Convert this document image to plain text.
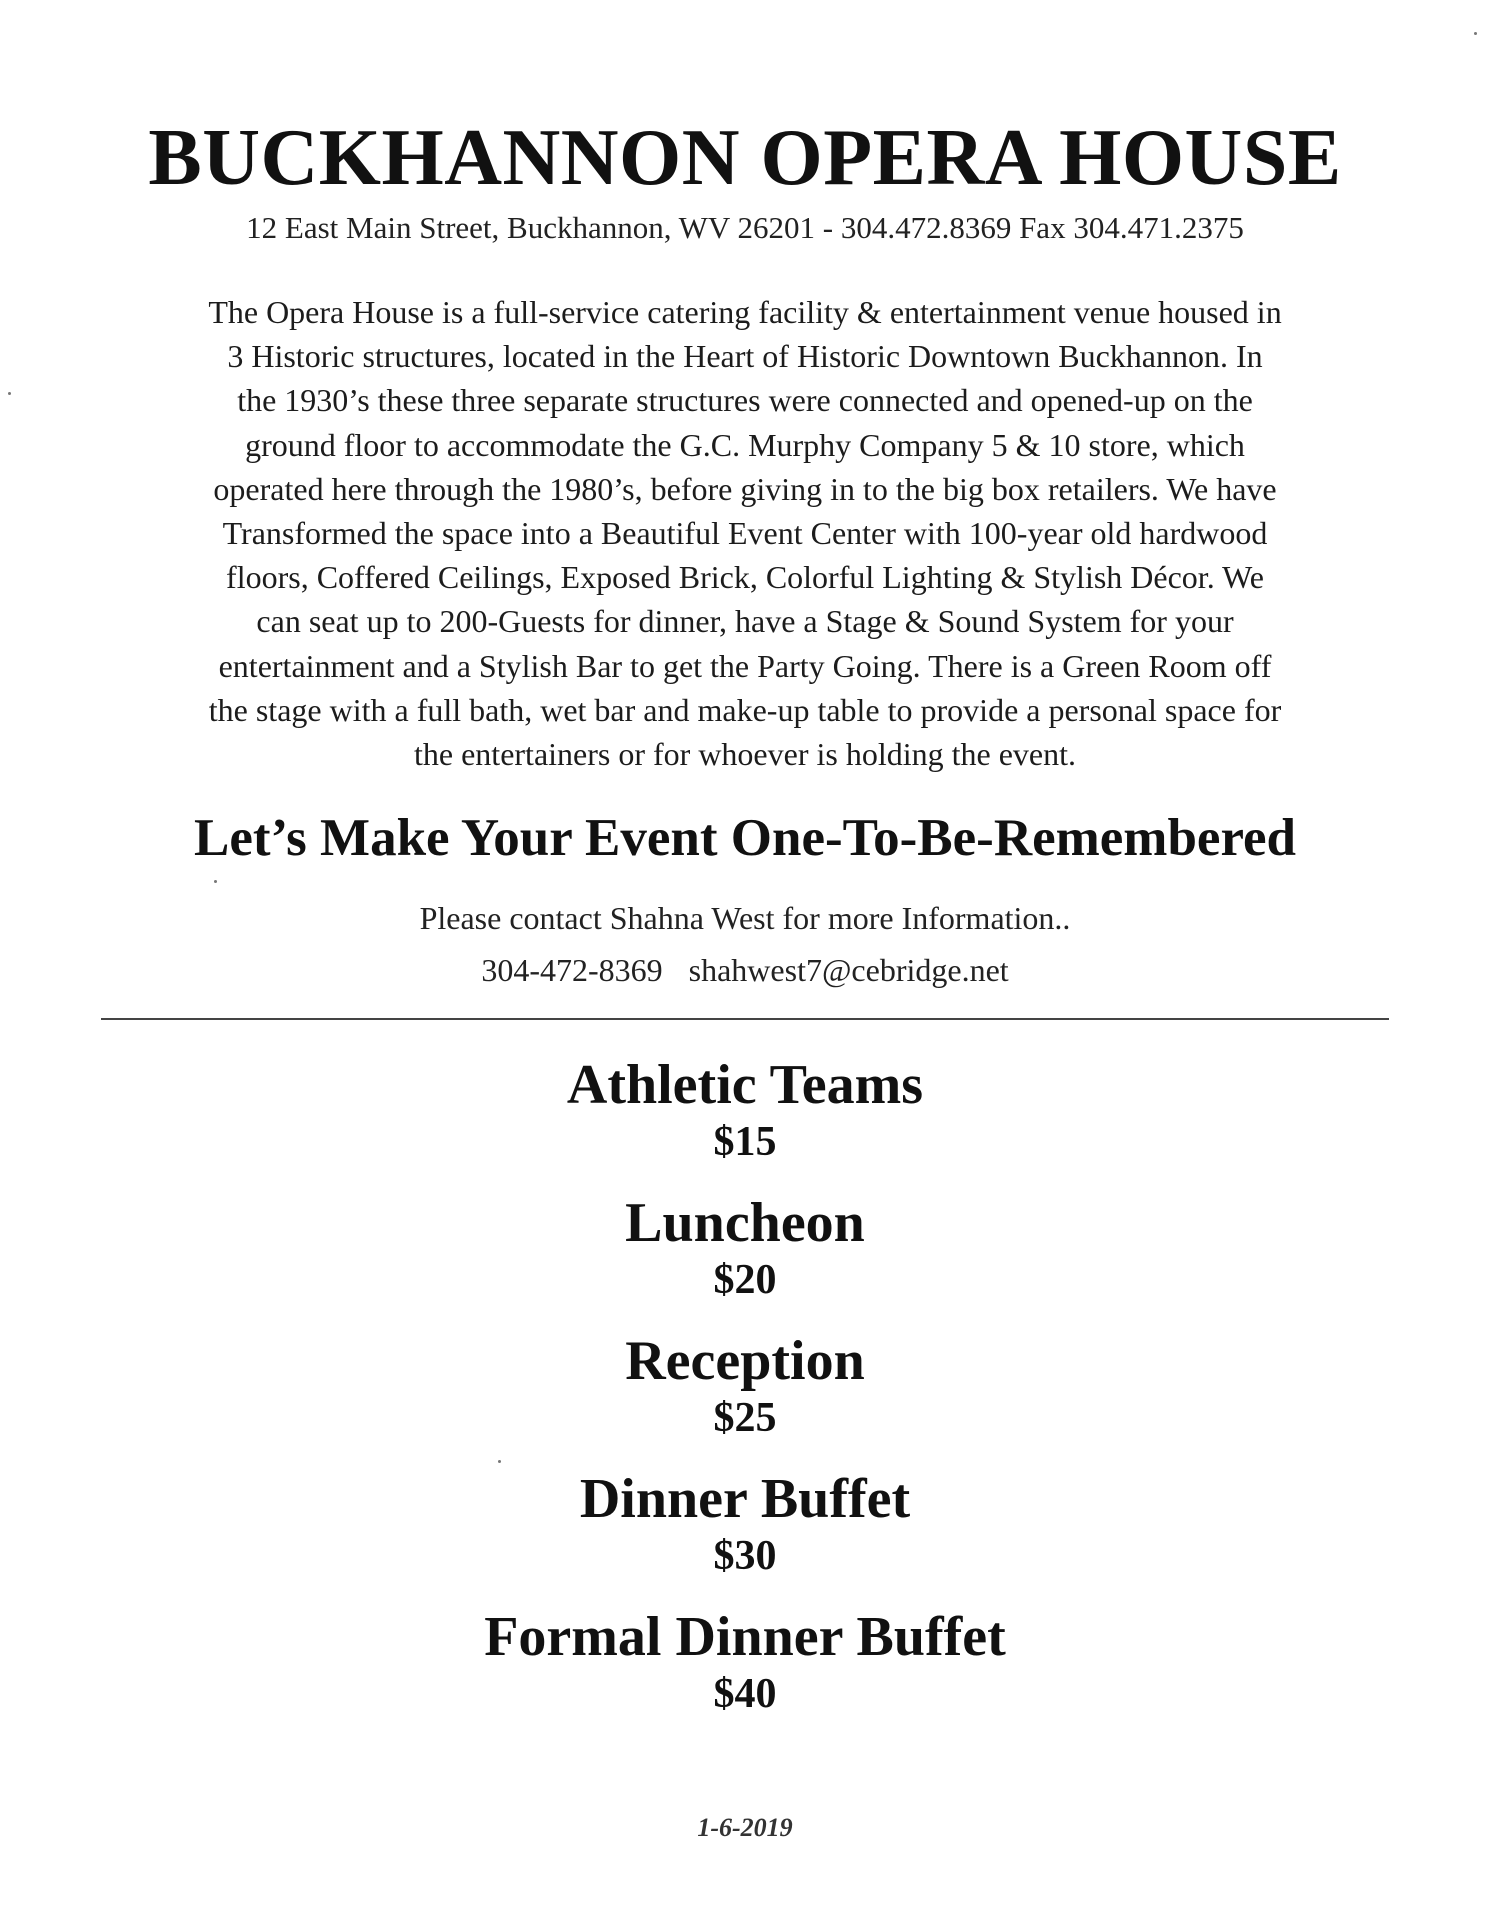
BUCKHANNON OPERA HOUSE
12 East Main Street, Buckhannon, WV 26201 - 304.472.8369 Fax 304.471.2375
The Opera House is a full-service catering facility & entertainment venue housed in
3 Historic structures, located in the Heart of Historic Downtown Buckhannon. In
the 1930’s these three separate structures were connected and opened-up on the
ground floor to accommodate the G.C. Murphy Company 5 & 10 store, which
operated here through the 1980’s, before giving in to the big box retailers. We have
Transformed the space into a Beautiful Event Center with 100-year old hardwood
floors, Coffered Ceilings, Exposed Brick, Colorful Lighting & Stylish Décor. We
can seat up to 200-Guests for dinner, have a Stage & Sound System for your
entertainment and a Stylish Bar to get the Party Going. There is a Green Room off
the stage with a full bath, wet bar and make-up table to provide a personal space for
the entertainers or for whoever is holding the event.
Let’s Make Your Event One-To-Be-Remembered
Please contact Shahna West for more Information..
304-472-8369 shahwest7@cebridge.net
Athletic Teams
$15
Luncheon
$20
Reception
$25
Dinner Buffet
$30
Formal Dinner Buffet
$40
1-6-2019
